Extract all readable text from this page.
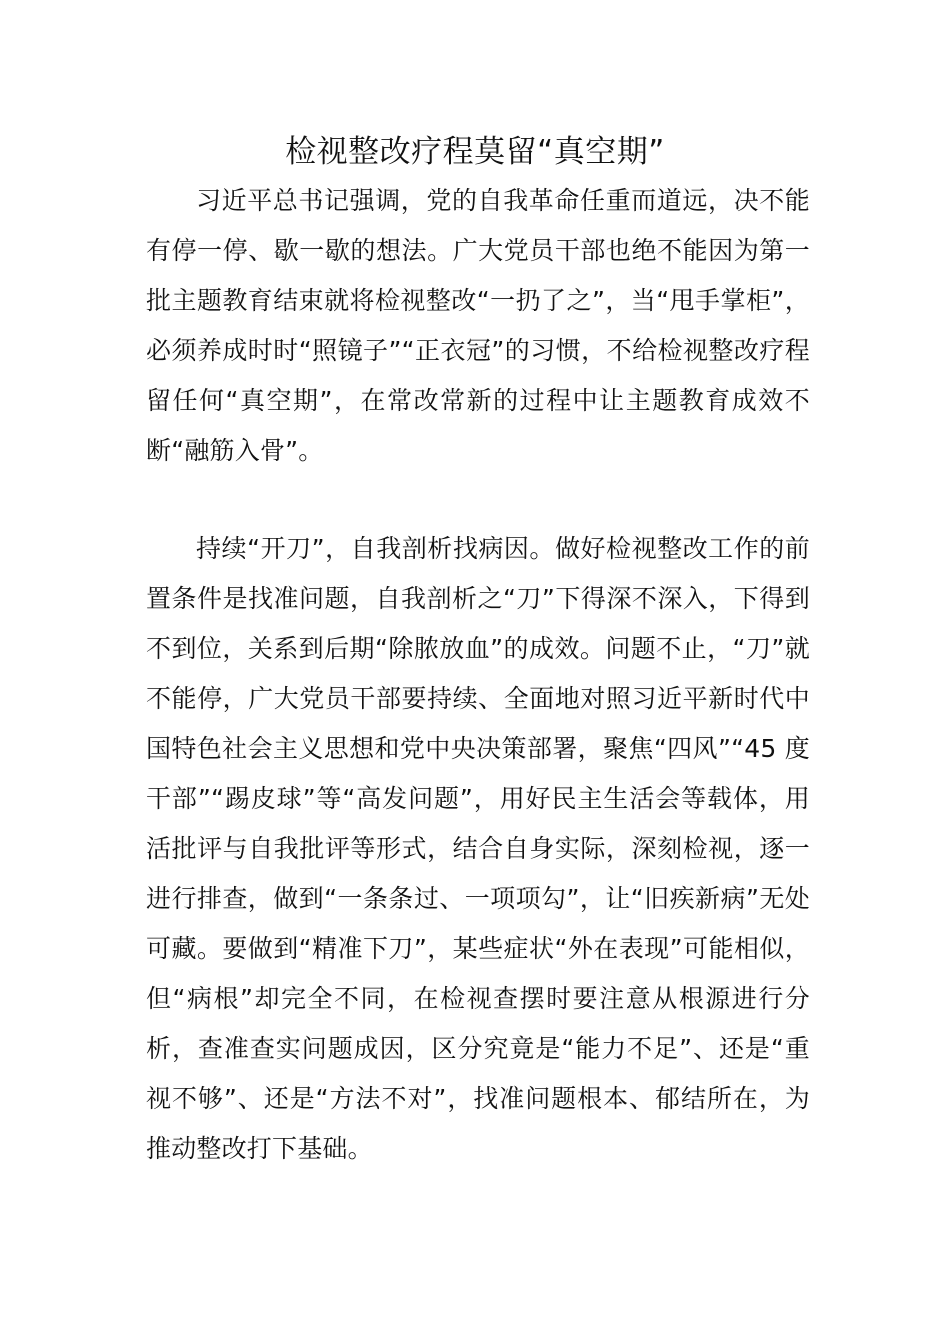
检视整改疗程莫留“真空期”

习近平总书记强调，党的自我革命任重而道远，决不能有停一停、歇一歇的想法。广大党员干部也绝不能因为第一批主题教育结束就将检视整改“一扔了之”，当“甩手掌柜”，必须养成时时“照镜子”“正衣冠”的习惯，不给检视整改疗程留任何“真空期”，在常改常新的过程中让主题教育成效不断“融筋入骨”。

持续“开刀”，自我剖析找病因。做好检视整改工作的前置条件是找准问题，自我剖析之“刀”下得深不深入，下得到不到位，关系到后期“除脓放血”的成效。问题不止，“刀”就不能停，广大党员干部要持续、全面地对照习近平新时代中国特色社会主义思想和党中央决策部署，聚焦“四风”“45 度干部”“踢皮球”等“高发问题”，用好民主生活会等载体，用活批评与自我批评等形式，结合自身实际，深刻检视，逐一进行排查，做到“一条条过、一项项勾”，让“旧疾新病”无处可藏。要做到“精准下刀”，某些症状“外在表现”可能相似，但“病根”却完全不同，在检视查摆时要注意从根源进行分析，查准查实问题成因，区分究竟是“能力不足”、还是“重视不够”、还是“方法不对”，找准问题根本、郁结所在，为推动整改打下基础。
